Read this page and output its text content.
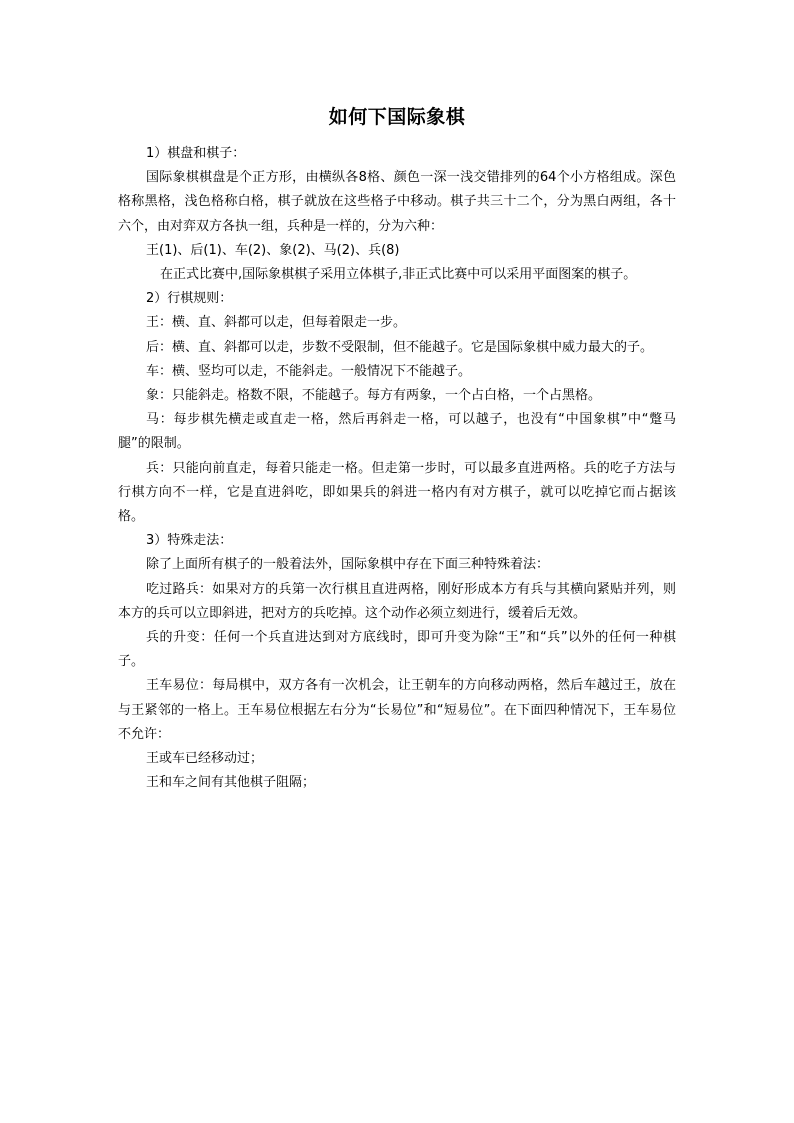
如何下国际象棋

1）棋盘和棋子：

国际象棋棋盘是个正方形，由横纵各8格、颜色一深一浅交错排列的64个小方格组成。深色格称黑格，浅色格称白格，棋子就放在这些格子中移动。棋子共三十二个，分为黑白两组，各十六个，由对弈双方各执一组，兵种是一样的，分为六种：

王(1)、后(1)、车(2)、象(2)、马(2)、兵(8)

在正式比赛中,国际象棋棋子采用立体棋子,非正式比赛中可以采用平面图案的棋子。

2）行棋规则：

王：横、直、斜都可以走，但每着限走一步。

后：横、直、斜都可以走，步数不受限制，但不能越子。它是国际象棋中威力最大的子。

车：横、竖均可以走，不能斜走。一般情况下不能越子。

象：只能斜走。格数不限，不能越子。每方有两象，一个占白格，一个占黑格。

马：每步棋先横走或直走一格，然后再斜走一格，可以越子，也没有“中国象棋”中“蹩马腿”的限制。

兵：只能向前直走，每着只能走一格。但走第一步时，可以最多直进两格。兵的吃子方法与行棋方向不一样，它是直进斜吃，即如果兵的斜进一格内有对方棋子，就可以吃掉它而占据该格。

3）特殊走法：

除了上面所有棋子的一般着法外，国际象棋中存在下面三种特殊着法：

吃过路兵：如果对方的兵第一次行棋且直进两格，刚好形成本方有兵与其横向紧贴并列，则本方的兵可以立即斜进，把对方的兵吃掉。这个动作必须立刻进行，缓着后无效。

兵的升变：任何一个兵直进达到对方底线时，即可升变为除“王”和“兵”以外的任何一种棋子。

王车易位：每局棋中，双方各有一次机会，让王朝车的方向移动两格，然后车越过王，放在与王紧邻的一格上。王车易位根据左右分为“长易位”和“短易位”。在下面四种情况下，王车易位不允许：

王或车已经移动过；

王和车之间有其他棋子阻隔；
